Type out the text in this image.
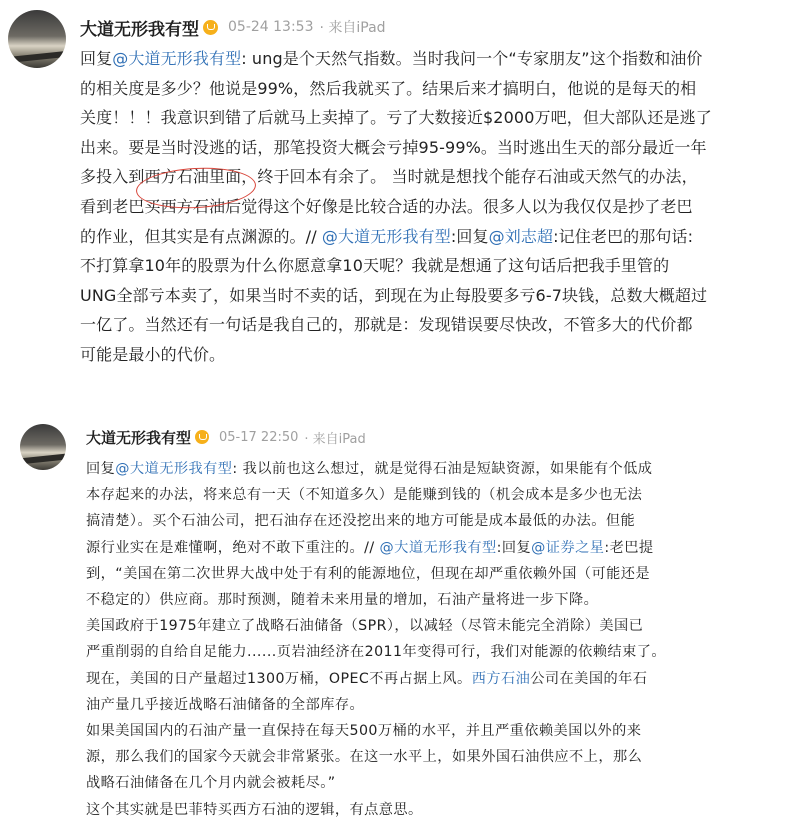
大道无形我有型 05-24 13:53 · 来自iPad
回复@大道无形我有型: ung是个天然气指数。当时我问一个“专家朋友”这个指数和油价
的相关度是多少？他说是99%，然后我就买了。结果后来才搞明白，他说的是每天的相
关度！！！我意识到错了后就马上卖掉了。亏了大数接近$2000万吧，但大部队还是逃了
出来。要是当时没逃的话，那笔投资大概会亏掉95-99%。当时逃出生天的部分最近一年
多投入到西方石油里面，终于回本有余了。 当时就是想找个能存石油或天然气的办法，
看到老巴买西方石油后觉得这个好像是比较合适的办法。很多人以为我仅仅是抄了老巴
的作业，但其实是有点渊源的。// @大道无形我有型:回复@刘志超:记住老巴的那句话:
不打算拿10年的股票为什么你愿意拿10天呢？我就是想通了这句话后把我手里管的
UNG全部亏本卖了，如果当时不卖的话，到现在为止每股要多亏6-7块钱，总数大概超过
一亿了。当然还有一句话是我自己的，那就是：发现错误要尽快改，不管多大的代价都
可能是最小的代价。
大道无形我有型 05-17 22:50 · 来自iPad
回复@大道无形我有型: 我以前也这么想过，就是觉得石油是短缺资源，如果能有个低成
本存起来的办法，将来总有一天（不知道多久）是能赚到钱的（机会成本是多少也无法
搞清楚）。买个石油公司，把石油存在还没挖出来的地方可能是成本最低的办法。但能
源行业实在是难懂啊，绝对不敢下重注的。// @大道无形我有型:回复@证券之星:老巴提
到，“美国在第二次世界大战中处于有利的能源地位，但现在却严重依赖外国（可能还是
不稳定的）供应商。那时预测，随着未来用量的增加，石油产量将进一步下降。
美国政府于1975年建立了战略石油储备（SPR），以减轻（尽管未能完全消除）美国已
严重削弱的自给自足能力......页岩油经济在2011年变得可行，我们对能源的依赖结束了。
现在，美国的日产量超过1300万桶，OPEC不再占据上风。西方石油公司在美国的年石
油产量几乎接近战略石油储备的全部库存。
如果美国国内的石油产量一直保持在每天500万桶的水平，并且严重依赖美国以外的来
源，那么我们的国家今天就会非常紧张。在这一水平上，如果外国石油供应不上，那么
战略石油储备在几个月内就会被耗尽。”
这个其实就是巴菲特买西方石油的逻辑，有点意思。
